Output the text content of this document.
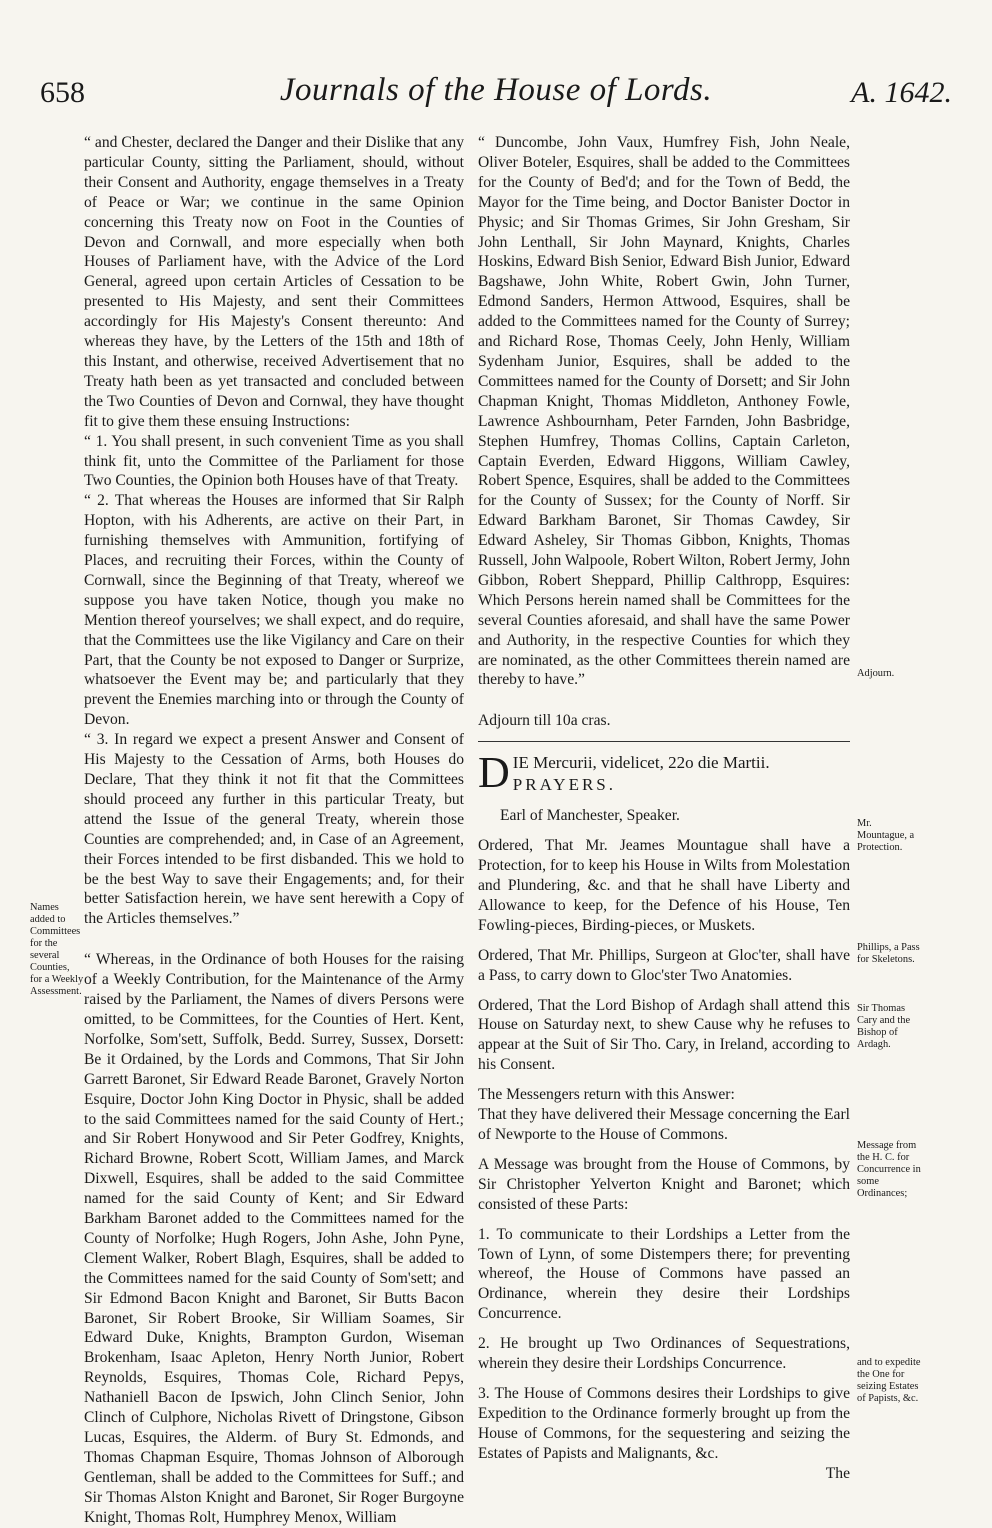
658	Journals of the House of Lords.	A. 1642.

“ and Chester, declared the Danger and their Dislike that any particular County, sitting the Parliament, should, without their Consent and Authority, engage themselves in a Treaty of Peace or War; we continue in the same Opinion concerning this Treaty now on Foot in the Counties of Devon and Cornwall, and more especially when both Houses of Parliament have, with the Advice of the Lord General, agreed upon certain Articles of Cessation to be presented to His Majesty, and sent their Committees accordingly for His Majesty's Consent thereunto: And whereas they have, by the Letters of the 15th and 18th of this Instant, and otherwise, received Advertisement that no Treaty hath been as yet transacted and concluded between the Two Counties of Devon and Cornwal, they have thought fit to give them these ensuing Instructions:

“ 1. You shall present, in such convenient Time as you shall think fit, unto the Committee of the Parliament for those Two Counties, the Opinion both Houses have of that Treaty.

“ 2. That whereas the Houses are informed that Sir Ralph Hopton, with his Adherents, are active on their Part, in furnishing themselves with Ammunition, fortifying of Places, and recruiting their Forces, within the County of Cornwall, since the Beginning of that Treaty, whereof we suppose you have taken Notice, though you make no Mention thereof yourselves; we shall expect, and do require, that the Committees use the like Vigilancy and Care on their Part, that the County be not exposed to Danger or Surprize, whatsoever the Event may be; and particularly that they prevent the Enemies marching into or through the County of Devon.

“ 3. In regard we expect a present Answer and Consent of His Majesty to the Cessation of Arms, both Houses do Declare, That they think it not fit that the Committees should proceed any further in this particular Treaty, but attend the Issue of the general Treaty, wherein those Counties are comprehended; and, in Case of an Agreement, their Forces intended to be first disbanded. This we hold to be the best Way to save their Engagements; and, for their better Satisfaction herein, we have sent herewith a Copy of the Articles themselves.”

“ Whereas, in the Ordinance of both Houses for the raising of a Weekly Contribution, for the Maintenance of the Army raised by the Parliament, the Names of divers Persons were omitted, to be Committees, for the Counties of Hert. Kent, Norfolke, Som'sett, Suffolk, Bedd. Surrey, Sussex, Dorsett: Be it Ordained, by the Lords and Commons, That Sir John Garrett Baronet, Sir Edward Reade Baronet, Gravely Norton Esquire, Doctor John King Doctor in Physic, shall be added to the said Committees named for the said County of Hert.; and Sir Robert Honywood and Sir Peter Godfrey, Knights, Richard Browne, Robert Scott, William James, and Marck Dixwell, Esquires, shall be added to the said Committee named for the said County of Kent; and Sir Edward Barkham Baronet added to the Committees named for the County of Norfolke; Hugh Rogers, John Ashe, John Pyne, Clement Walker, Robert Blagh, Esquires, shall be added to the Committees named for the said County of Som'sett; and Sir Edmond Bacon Knight and Baronet, Sir Butts Bacon Baronet, Sir Robert Brooke, Sir William Soames, Sir Edward Duke, Knights, Brampton Gurdon, Wiseman Brokenham, Isaac Apleton, Henry North Junior, Robert Reynolds, Esquires, Thomas Cole, Richard Pepys, Nathaniell Bacon de Ipswich, John Clinch Senior, John Clinch of Culphore, Nicholas Rivett of Dringstone, Gibson Lucas, Esquires, the Alderm. of Bury St. Edmonds, and Thomas Chapman Esquire, Thomas Johnson of Alborough Gentleman, shall be added to the Committees for Suff.; and Sir Thomas Alston Knight and Baronet, Sir Roger Burgoyne Knight, Thomas Rolt, Humphrey Menox, William

“ Duncombe, John Vaux, Humfrey Fish, John Neale, Oliver Boteler, Esquires, shall be added to the Committees for the County of Bed'd; and for the Town of Bedd, the Mayor for the Time being, and Doctor Banister Doctor in Physic; and Sir Thomas Grimes, Sir John Gresham, Sir John Lenthall, Sir John Maynard, Knights, Charles Hoskins, Edward Bish Senior, Edward Bish Junior, Edward Bagshawe, John White, Robert Gwin, John Turner, Edmond Sanders, Hermon Attwood, Esquires, shall be added to the Committees named for the County of Surrey; and Richard Rose, Thomas Ceely, John Henly, William Sydenham Junior, Esquires, shall be added to the Committees named for the County of Dorsett; and Sir John Chapman Knight, Thomas Middleton, Anthoney Fowle, Lawrence Ashbournham, Peter Farnden, John Basbridge, Stephen Humfrey, Thomas Collins, Captain Carleton, Captain Everden, Edward Higgons, William Cawley, Robert Spence, Esquires, shall be added to the Committees for the County of Sussex; for the County of Norff. Sir Edward Barkham Baronet, Sir Thomas Cawdey, Sir Edward Asheley, Sir Thomas Gibbon, Knights, Thomas Russell, John Walpoole, Robert Wilton, Robert Jermy, John Gibbon, Robert Sheppard, Phillip Calthropp, Esquires: Which Persons herein named shall be Committees for the several Counties aforesaid, and shall have the same Power and Authority, in the respective Counties for which they are nominated, as the other Committees therein named are thereby to have.”

Adjourn till 10a cras.

D IE Mercurii, videlicet, 22o die Martii.

PRAYERS.

Earl of Manchester, Speaker.

Ordered, That Mr. Jeames Mountague shall have a Protection, for to keep his House in Wilts from Molestation and Plundering, &c. and that he shall have Liberty and Allowance to keep, for the Defence of his House, Ten Fowling-pieces, Birding-pieces, or Muskets.

Ordered, That Mr. Phillips, Surgeon at Gloc'ter, shall have a Pass, to carry down to Gloc'ster Two Anatomies.

Ordered, That the Lord Bishop of Ardagh shall attend this House on Saturday next, to shew Cause why he refuses to appear at the Suit of Sir Tho. Cary, in Ireland, according to his Consent.

The Messengers return with this Answer:

That they have delivered their Message concerning the Earl of Newporte to the House of Commons.

A Message was brought from the House of Commons, by Sir Christopher Yelverton Knight and Baronet; which consisted of these Parts:

1. To communicate to their Lordships a Letter from the Town of Lynn, of some Distempers there; for preventing whereof, the House of Commons have passed an Ordinance, wherein they desire their Lordships Concurrence.

2. He brought up Two Ordinances of Sequestrations, wherein they desire their Lordships Concurrence.

3. The House of Commons desires their Lordships to give Expedition to the Ordinance formerly brought up from the House of Commons, for the sequestering and seizing the Estates of Papists and Malignants, &c.

The

Names added to Committees for the several Counties, for a Weekly Assessment.
Adjourn.
Mr. Mountague, a Protection.
Phillips, a Pass for Skeletons.
Sir Thomas Cary and the Bishop of Ardagh.
Message from the H. C. for Concurrence in some Ordinances;
and to expedite the One for seizing Estates of Papists, &c.
